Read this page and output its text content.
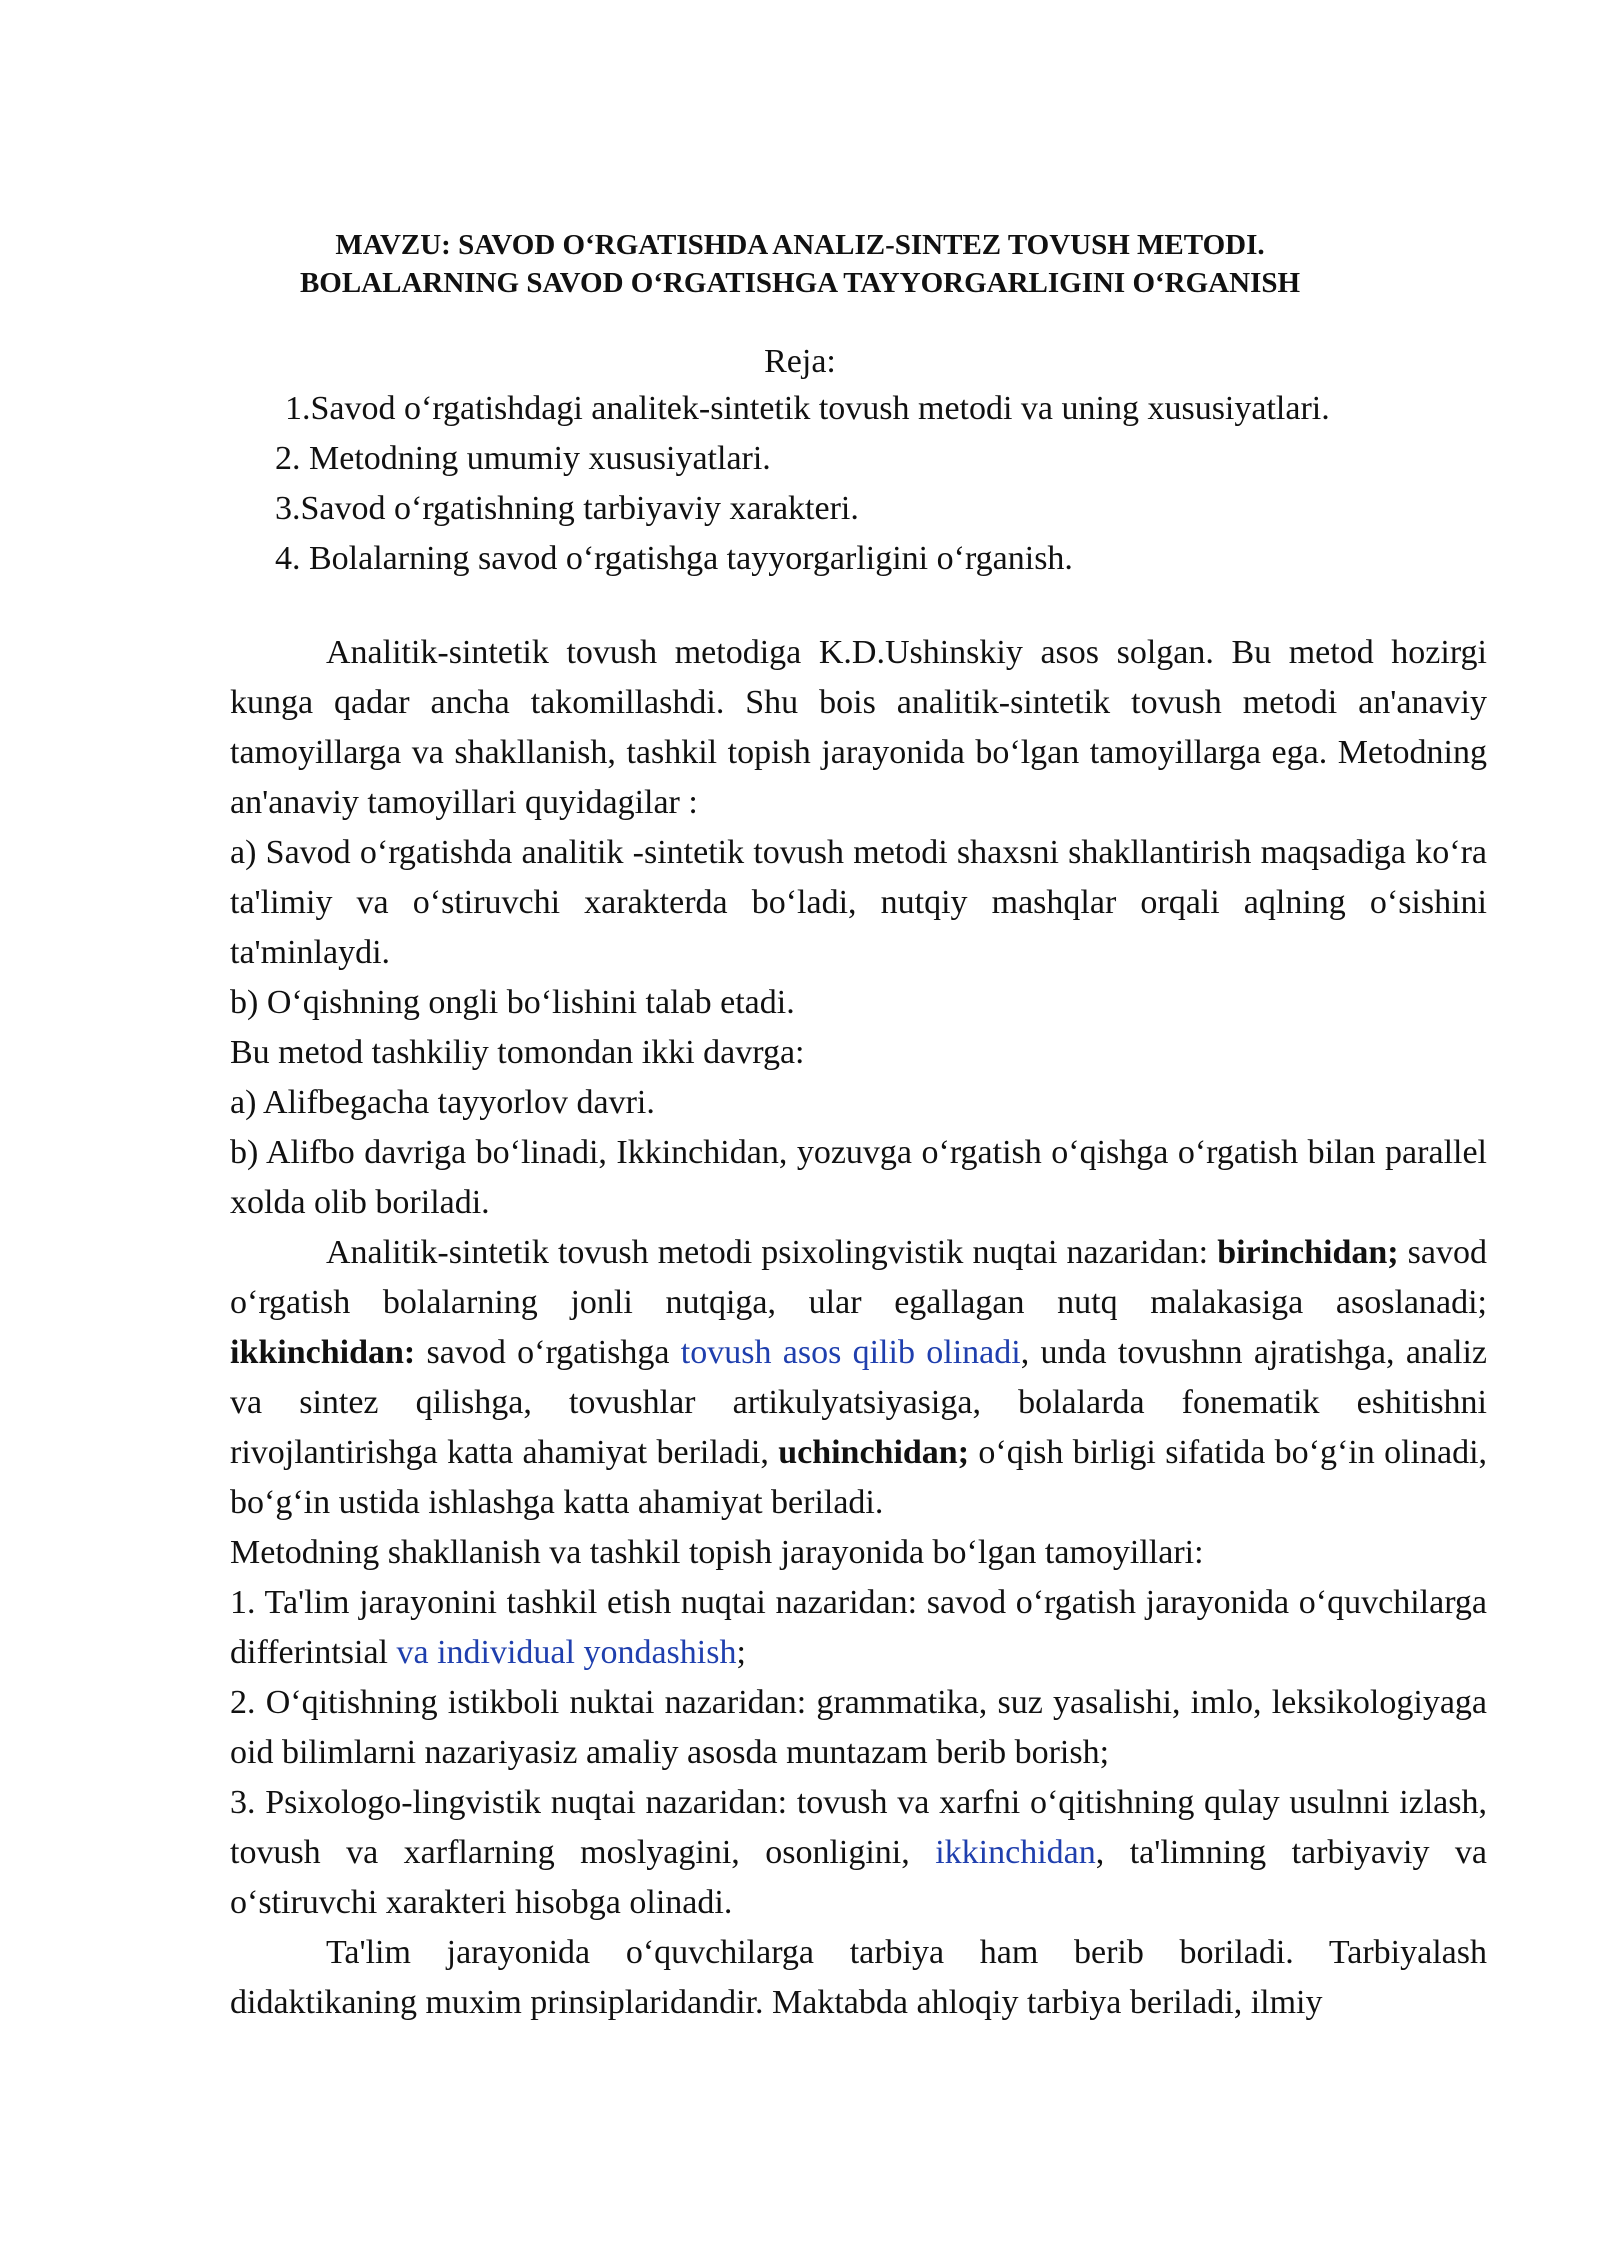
MAVZU: SAVOD O‘RGATISHDA ANALIZ-SINTEZ TOVUSH METODI.
BOLALARNING SAVOD O‘RGATISHGA TAYYORGARLIGINI O‘RGANISH
Reja:
1.Savod o‘rgatishdagi analitek-sintetik tovush metodi va uning xususiyatlari.
2. Metodning umumiy xususiyatlari.
3.Savod o‘rgatishning tarbiyaviy xarakteri.
4. Bolalarning savod o‘rgatishga tayyorgarligini o‘rganish.

Analitik-sintetik tovush metodiga K.D.Ushinskiy asos solgan. Bu metod hozirgi kunga qadar ancha takomillashdi. Shu bois analitik-sintetik tovush metodi an'anaviy tamoyillarga va shakllanish, tashkil topish jarayonida bo‘lgan tamoyillarga ega. Metodning an'anaviy tamoyillari quyidagilar :

a) Savod o‘rgatishda analitik -sintetik tovush metodi shaxsni shakllantirish maqsadiga ko‘ra ta'limiy va o‘stiruvchi xarakterda bo‘ladi, nutqiy mashqlar orqali aqlning o‘sishini ta'minlaydi.

b) O‘qishning ongli bo‘lishini talab etadi.

Bu metod tashkiliy tomondan ikki davrga:

a) Alifbegacha tayyorlov davri.

b) Alifbo davriga bo‘linadi, Ikkinchidan, yozuvga o‘rgatish o‘qishga o‘rgatish bilan parallel xolda olib boriladi.

Analitik-sintetik tovush metodi psixolingvistik nuqtai nazaridan: birinchidan; savod o‘rgatish bolalarning jonli nutqiga, ular egallagan nutq malakasiga asoslanadi; ikkinchidan: savod o‘rgatishga tovush asos qilib olinadi, unda tovushnn ajratishga, analiz va sintez qilishga, tovushlar artikulyatsiyasiga, bolalarda fonematik eshitishni rivojlantirishga katta ahamiyat beriladi, uchinchidan; o‘qish birligi sifatida bo‘g‘in olinadi, bo‘g‘in ustida ishlashga katta ahamiyat beriladi.

Metodning shakllanish va tashkil topish jarayonida bo‘lgan tamoyillari:

1. Ta'lim jarayonini tashkil etish nuqtai nazaridan: savod o‘rgatish jarayonida o‘quvchilarga differintsial va individual yondashish;

2. O‘qitishning istikboli nuktai nazaridan: grammatika, suz yasalishi, imlo, leksikologiyaga oid bilimlarni nazariyasiz amaliy asosda muntazam berib borish;

3. Psixologo-lingvistik nuqtai nazaridan: tovush va xarfni o‘qitishning qulay usulnni izlash, tovush va xarflarning moslyagini, osonligini, ikkinchidan, ta'limning tarbiyaviy va o‘stiruvchi xarakteri hisobga olinadi.

Ta'lim jarayonida o‘quvchilarga tarbiya ham berib boriladi. Tarbiyalash didaktikaning muxim prinsiplaridandir. Maktabda ahloqiy tarbiya beriladi, ilmiy
